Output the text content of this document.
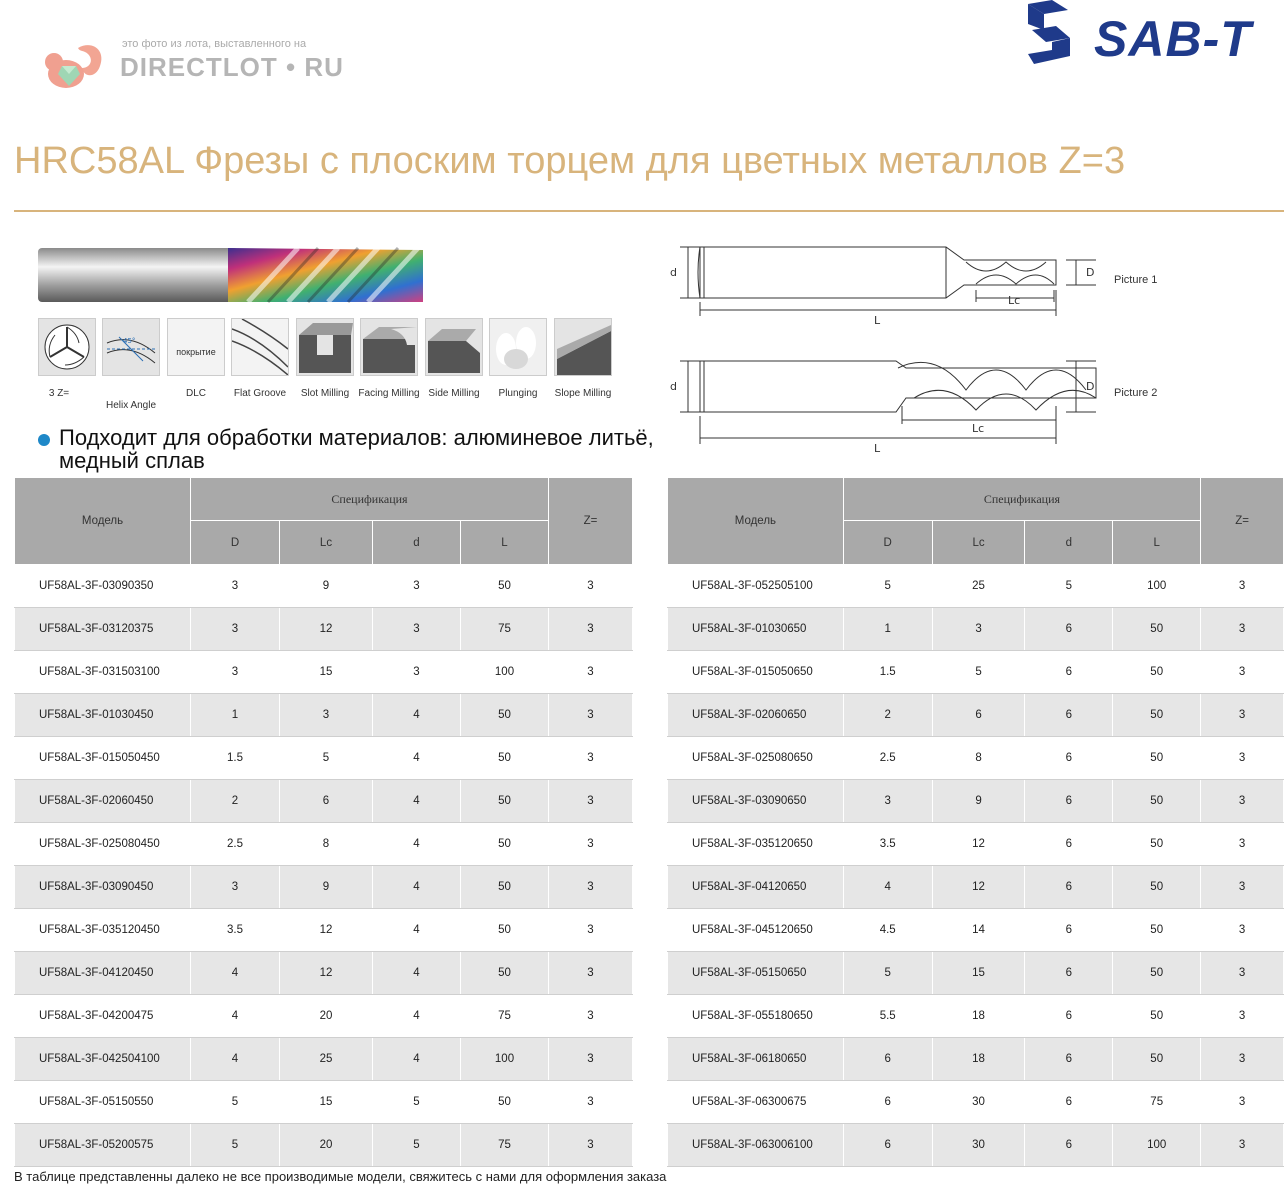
это фото из лота, выставленного на
DIRECTLOT • RU	SAB-T
HRC58AL Фрезы с плоским торцем для цветных металлов Z=3
45°
покрытие
3 Z=
Helix Angle
DLC	Flat Groove Slot Milling Facing Milling Side Milling Plunging Slope Milling
Подходит для обработки материалов: алюминевое литьё, медный сплав
d	D
Lc
L
d	D
Lc
L
Picture 1
Picture 2
Модель	Спецификация				Z=
	D	Lc	d	L	
UF58AL-3F-03090350	3	9	3	50	3
UF58AL-3F-03120375	3	12	3	75	3
UF58AL-3F-031503100	3	15	3	100	3
UF58AL-3F-01030450	1	3	4	50	3
UF58AL-3F-015050450	1.5	5	4	50	3
UF58AL-3F-02060450	2	6	4	50	3
UF58AL-3F-025080450	2.5	8	4	50	3
UF58AL-3F-03090450	3	9	4	50	3
UF58AL-3F-035120450	3.5	12	4	50	3
UF58AL-3F-04120450	4	12	4	50	3
UF58AL-3F-04200475	4	20	4	75	3
UF58AL-3F-042504100	4	25	4	100	3
UF58AL-3F-05150550	5	15	5	50	3
UF58AL-3F-05200575	5	20	5	75	3
Модель	Спецификация				Z=
	D	Lc	d	L	
UF58AL-3F-052505100	5	25	5	100	3
UF58AL-3F-01030650	1	3	6	50	3
UF58AL-3F-015050650	1.5	5	6	50	3
UF58AL-3F-02060650	2	6	6	50	3
UF58AL-3F-025080650	2.5	8	6	50	3
UF58AL-3F-03090650	3	9	6	50	3
UF58AL-3F-035120650	3.5	12	6	50	3
UF58AL-3F-04120650	4	12	6	50	3
UF58AL-3F-045120650	4.5	14	6	50	3
UF58AL-3F-05150650	5	15	6	50	3
UF58AL-3F-055180650	5.5	18	6	50	3
UF58AL-3F-06180650	6	18	6	50	3
UF58AL-3F-06300675	6	30	6	75	3
UF58AL-3F-063006100	6	30	6	100	3
В таблице представленны далеко не все производимые модели, свяжитесь с нами для оформления заказа
